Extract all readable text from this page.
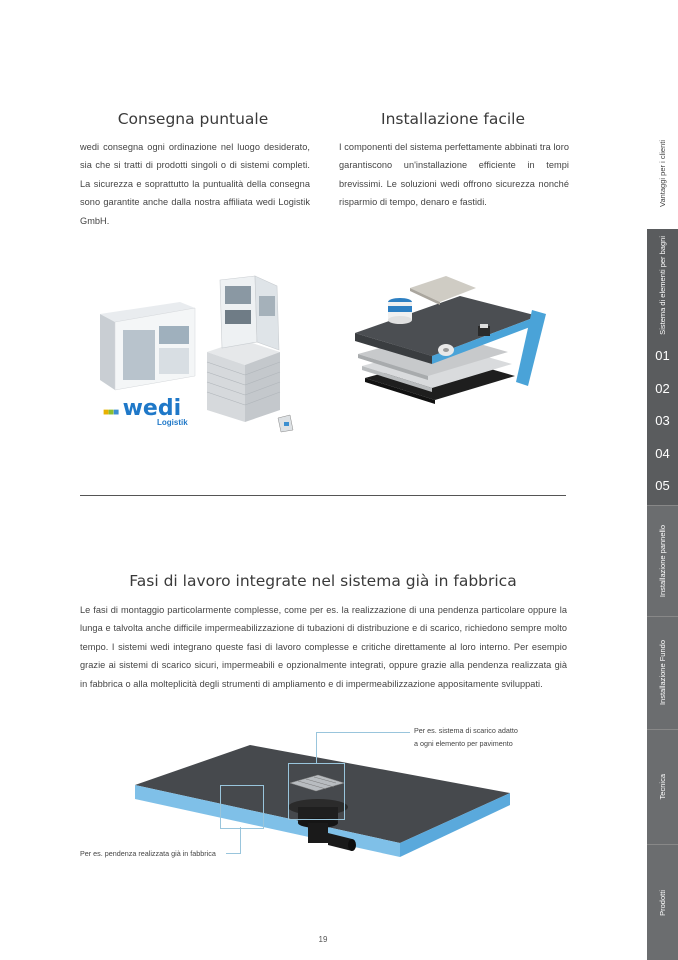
Consegna puntuale	Installazione facile
wedi consegna ogni ordinazione nel luogo desiderato, sia che si tratti di prodotti singoli o di sistemi completi. La sicurezza e soprattutto la puntualità della consegna sono garantite anche dalla nostra affiliata wedi Logistik GmbH.
I componenti del sistema perfettamente abbinati tra loro garantiscono un'installazione efficiente in tempi brevissimi. Le soluzioni wedi offrono sicurezza nonché risparmio di tempo, denaro e fastidi.
■■■ wedi
Logistik
Fasi di lavoro integrate nel sistema già in fabbrica
Le fasi di montaggio particolarmente complesse, come per es. la realizzazione di una pendenza particolare oppure la lunga e talvolta anche difficile impermeabilizzazione di tubazioni di distribuzione e di scarico, richiedono sempre molto tempo. I sistemi wedi integrano queste fasi di lavoro complesse e critiche direttamente al loro interno. Per esempio grazie ai sistemi di scarico sicuri, impermeabili e opzionalmente integrati, oppure grazie alla pendenza realizzata già in fabbrica o alla molteplicità degli strumenti di ampliamento e di impermeabilizzazione appositamente sviluppati.
Per es. sistema di scarico adatto
a ogni elemento per pavimento
Per es. pendenza realizzata già in fabbrica
19
Vantaggi per i clienti
Sistema di elementi per bagni
01
02
03
04
05
Installazione pannello
Installazione Fundo
Tecnica
Prodotti
